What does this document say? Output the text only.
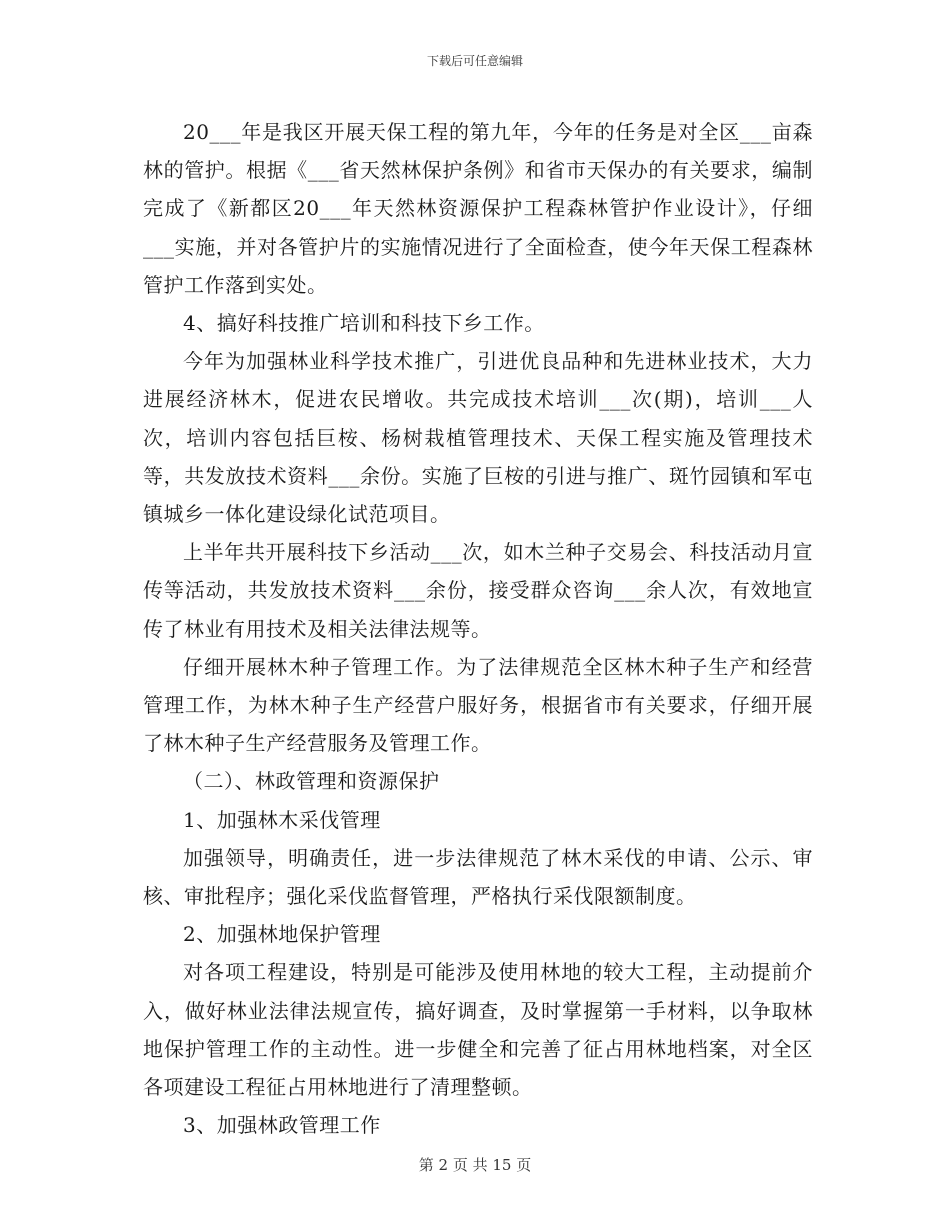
下载后可任意编辑

20___年是我区开展天保工程的第九年，今年的任务是对全区___亩森林的管护。根据《___省天然林保护条例》和省市天保办的有关要求，编制完成了《新都区20___年天然林资源保护工程森林管护作业设计》，仔细___实施，并对各管护片的实施情况进行了全面检查，使今年天保工程森林管护工作落到实处。

4、搞好科技推广培训和科技下乡工作。

今年为加强林业科学技术推广，引进优良品种和先进林业技术，大力进展经济林木，促进农民增收。共完成技术培训___次(期)，培训___人次，培训内容包括巨桉、杨树栽植管理技术、天保工程实施及管理技术等，共发放技术资料___余份。实施了巨桉的引进与推广、斑竹园镇和军屯镇城乡一体化建设绿化试范项目。

上半年共开展科技下乡活动___次，如木兰种子交易会、科技活动月宣传等活动，共发放技术资料___余份，接受群众咨询___余人次，有效地宣传了林业有用技术及相关法律法规等。

仔细开展林木种子管理工作。为了法律规范全区林木种子生产和经营管理工作，为林木种子生产经营户服好务，根据省市有关要求，仔细开展了林木种子生产经营服务及管理工作。

（二）、林政管理和资源保护

1、加强林木采伐管理

加强领导，明确责任，进一步法律规范了林木采伐的申请、公示、审核、审批程序；强化采伐监督管理，严格执行采伐限额制度。

2、加强林地保护管理

对各项工程建设，特别是可能涉及使用林地的较大工程，主动提前介入，做好林业法律法规宣传，搞好调查，及时掌握第一手材料，以争取林地保护管理工作的主动性。进一步健全和完善了征占用林地档案，对全区各项建设工程征占用林地进行了清理整顿。

3、加强林政管理工作

第 2 页 共 15 页
